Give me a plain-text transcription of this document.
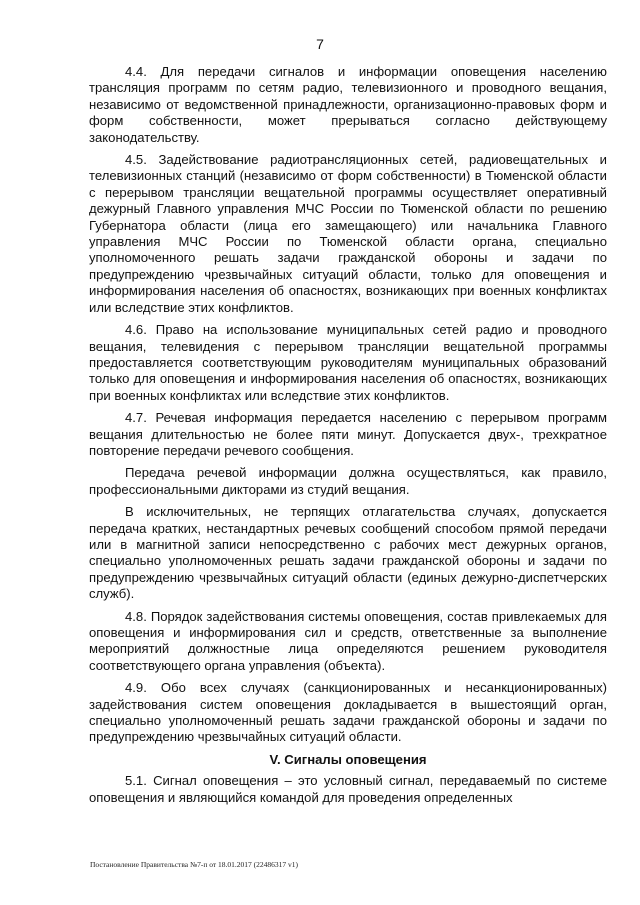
7

4.4. Для передачи сигналов и информации оповещения населению трансляция программ по сетям радио, телевизионного и проводного вещания, независимо от ведомственной принадлежности, организационно-правовых форм и форм собственности, может прерываться согласно действующему законодательству.

4.5. Задействование радиотрансляционных сетей, радиовещательных и телевизионных станций (независимо от форм собственности) в Тюменской области с перерывом трансляции вещательной программы осуществляет оперативный дежурный Главного управления МЧС России по Тюменской области по решению Губернатора области (лица его замещающего) или начальника Главного управления МЧС России по Тюменской области органа, специально уполномоченного решать задачи гражданской обороны и задачи по предупреждению чрезвычайных ситуаций области, только для оповещения и информирования населения об опасностях, возникающих при военных конфликтах или вследствие этих конфликтов.

4.6. Право на использование муниципальных сетей радио и проводного вещания, телевидения с перерывом трансляции вещательной программы предоставляется соответствующим руководителям муниципальных образований только для оповещения и информирования населения об опасностях, возникающих при военных конфликтах или вследствие этих конфликтов.

4.7. Речевая информация передается населению с перерывом программ вещания длительностью не более пяти минут. Допускается двух-, трехкратное повторение передачи речевого сообщения.

Передача речевой информации должна осуществляться, как правило, профессиональными дикторами из студий вещания.

В исключительных, не терпящих отлагательства случаях, допускается передача кратких, нестандартных речевых сообщений способом прямой передачи или в магнитной записи непосредственно с рабочих мест дежурных органов, специально уполномоченных решать задачи гражданской обороны и задачи по предупреждению чрезвычайных ситуаций области (единых дежурно-диспетчерских служб).

4.8. Порядок задействования системы оповещения, состав привлекаемых для оповещения и информирования сил и средств, ответственные за выполнение мероприятий должностные лица определяются решением руководителя соответствующего органа управления (объекта).

4.9. Обо всех случаях (санкционированных и несанкционированных) задействования систем оповещения докладывается в вышестоящий орган, специально уполномоченный решать задачи гражданской обороны и задачи по предупреждению чрезвычайных ситуаций области.

V. Сигналы оповещения

5.1. Сигнал оповещения – это условный сигнал, передаваемый по системе оповещения и являющийся командой для проведения определенных

Постановление Правительства №7-п от 18.01.2017 (22486317 v1)
